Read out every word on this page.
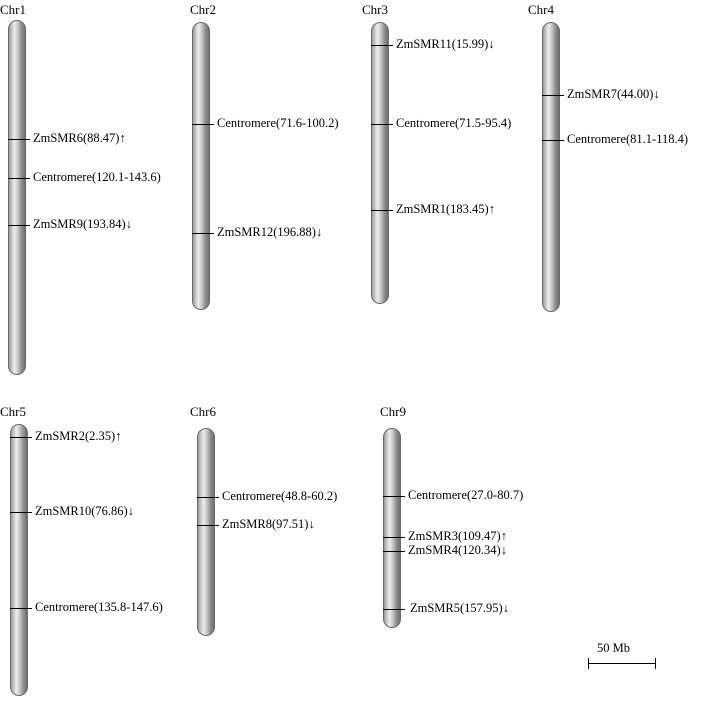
Chr1
ZmSMR6(88.47)↑
Centromere(120.1-143.6)
ZmSMR9(193.84)↓
Chr2
Centromere(71.6-100.2)
ZmSMR12(196.88)↓
Chr3
ZmSMR11(15.99)↓
Centromere(71.5-95.4)
ZmSMR1(183.45)↑
Chr4
ZmSMR7(44.00)↓
Centromere(81.1-118.4)
Chr5
ZmSMR2(2.35)↑
ZmSMR10(76.86)↓
Centromere(135.8-147.6)
Chr6
Centromere(48.8-60.2)
ZmSMR8(97.51)↓
Chr9
Centromere(27.0-80.7)
ZmSMR3(109.47)↑
ZmSMR4(120.34)↓
ZmSMR5(157.95)↓
50 Mb
